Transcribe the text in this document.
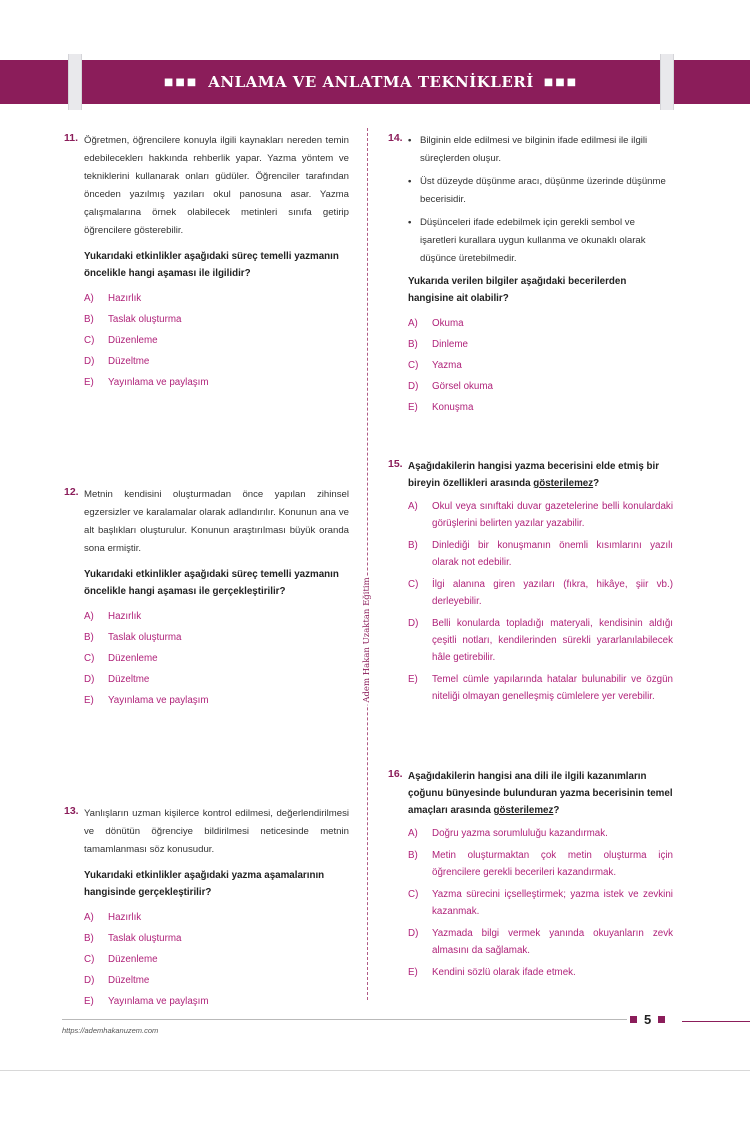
■■■ ANLAMA VE ANLATMA TEKNİKLERİ ■■■
Adem Hakan Uzaktan Eğitim
11. Öğretmen, öğrencilere konuyla ilgili kaynakları nereden temin edebileceklerı hakkında rehberlik yapar. Yazma yöntem ve tekniklerini kullanarak onları güdüler. Öğrenciler tarafından önceden yazılmış yazıları okul panosuna asar. Yazma çalışmalarına örnek olabilecek metinleri sınıfa getirip öğrencilere gösterebilir.
Yukarıdaki etkinlikler aşağıdaki süreç temelli yazmanın öncelikle hangi aşaması ile ilgilidir?
A)	Hazırlık
B)	Taslak oluşturma
C)	Düzenleme
D)	Düzeltme
E)	Yayınlama ve paylaşım
12. Metnin kendisini oluşturmadan önce yapılan zihinsel egzersizler ve karalamalar olarak adlandırılır. Konunun ana ve alt başlıkları oluşturulur. Konunun araştırılması büyük oranda sona ermiştir.
Yukarıdaki etkinlikler aşağıdaki süreç temelli yazmanın öncelikle hangi aşaması ile gerçekleştirilir?
A)	Hazırlık
B)	Taslak oluşturma
C)	Düzenleme
D)	Düzeltme
E)	Yayınlama ve paylaşım
13. Yanlışların uzman kişilerce kontrol edilmesi, değerlendirilmesi ve dönütün öğrenciye bildirilmesi neticesinde metnin tamamlanması söz konusudur.
Yukarıdaki etkinlikler aşağıdaki yazma aşamalarının hangisinde gerçekleştirilir?
A)	Hazırlık
B)	Taslak oluşturma
C)	Düzenleme
D)	Düzeltme
E)	Yayınlama ve paylaşım
14. • Bilginin elde edilmesi ve bilginin ifade edilmesi ile ilgili süreçlerden oluşur.
• Üst düzeyde düşünme aracı, düşünme üzerinde düşünme becerisidir.
• Düşünceleri ifade edebilmek için gerekli sembol ve işaretleri kurallara uygun kullanma ve okunaklı olarak düşünce üretebilmedir.
Yukarıda verilen bilgiler aşağıdaki becerilerden hangisine ait olabilir?
A)	Okuma
B)	Dinleme
C)	Yazma
D)	Görsel okuma
E)	Konuşma
15. Aşağıdakilerin hangisi yazma becerisini elde etmiş bir bireyin özellikleri arasında gösterilemez?
A)	Okul veya sınıftaki duvar gazetelerine belli konulardaki görüşlerini belirten yazılar yazabilir.
B)	Dinlediği bir konuşmanın önemli kısımlarını yazılı olarak not edebilir.
C)	İlgi alanına giren yazıları (fıkra, hikâye, şiir vb.) derleyebilir.
D)	Belli konularda topladığı materyali, kendisinin aldığı çeşitli notları, kendilerinden sürekli yararlanılabilecek hâle getirebilir.
E)	Temel cümle yapılarında hatalar bulunabilir ve özgün niteliği olmayan genelleşmiş cümlelere yer verebilir.
16. Aşağıdakilerin hangisi ana dili ile ilgili kazanımların çoğunu bünyesinde bulunduran yazma becerisinin temel amaçları arasında gösterilemez?
A)	Doğru yazma sorumluluğu kazandırmak.
B)	Metin oluşturmaktan çok metin oluşturma için öğrencilere gerekli becerileri kazandırmak.
C)	Yazma sürecini içselleştirmek; yazma istek ve zevkini kazanmak.
D)	Yazmada bilgi vermek yanında okuyanların zevk almasını da sağlamak.
E)	Kendini sözlü olarak ifade etmek.
https://ademhakanuzem.com
5
